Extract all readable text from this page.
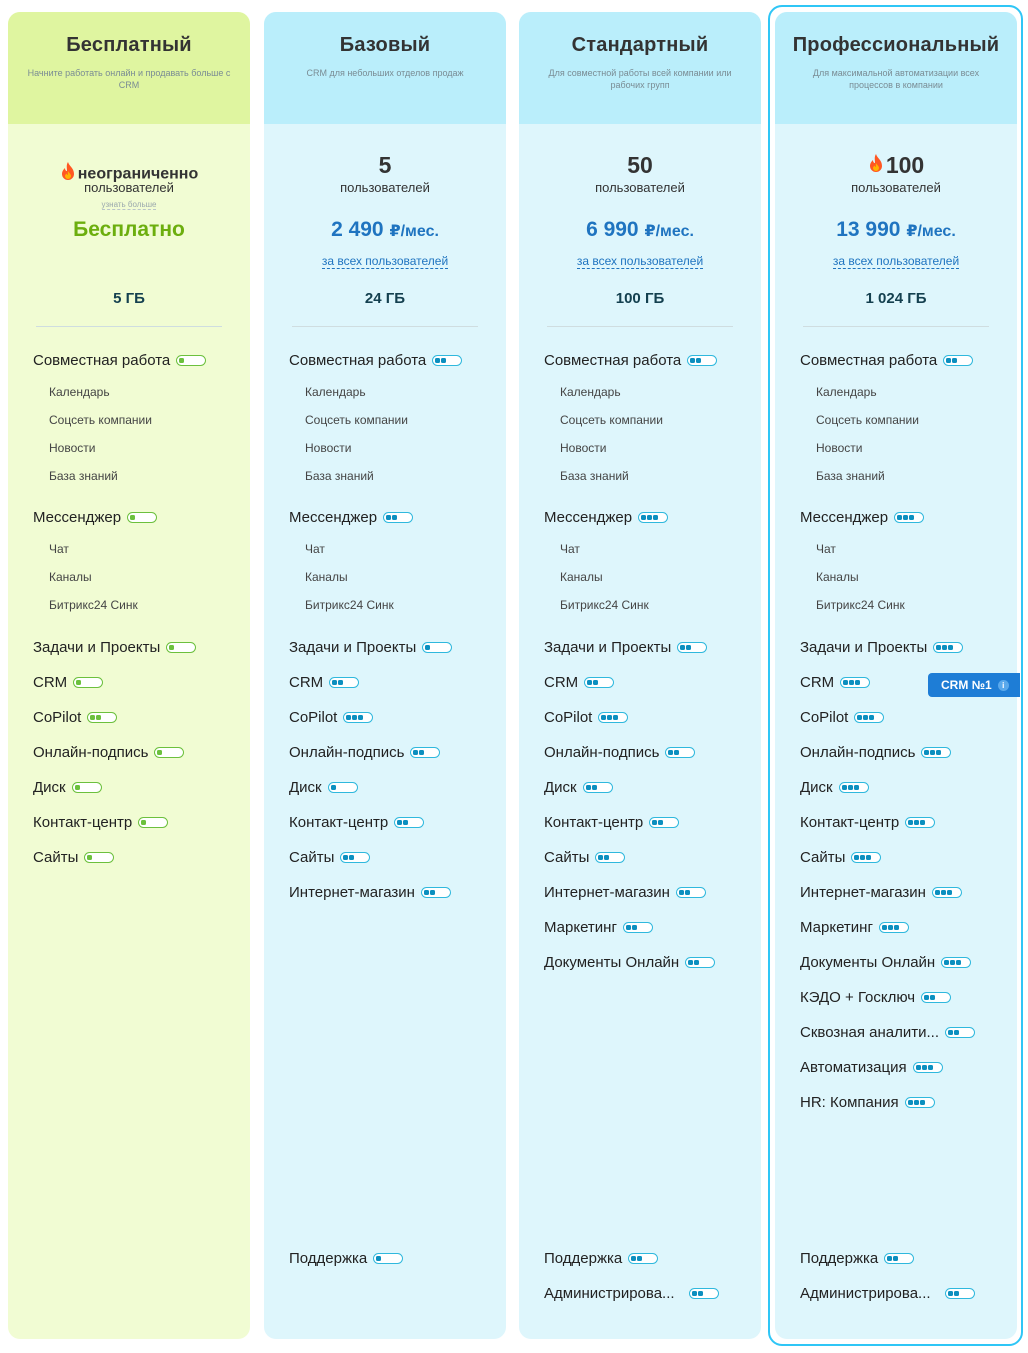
Бесплатный

Начните работать онлайн и продавать больше с CRM

неограниченно
пользователей
узнать больше
Бесплатно
5 ГБ
Базовый

CRM для небольших отделов продаж

5
пользователей
2 490 ₽/мес.
за всех пользователей
24 ГБ
Стандартный

Для совместной работы всей компании или рабочих групп

50
пользователей
6 990 ₽/мес.
за всех пользователей
100 ГБ
Профессиональный

Для максимальной автоматизации всех процессов в компании

100
пользователей
13 990 ₽/мес.
за всех пользователей
1 024 ГБ
Совместная работа
Мессенджер
Задачи и Проекты
CRM
CoPilot
Онлайн-подпись
Диск
Контакт-центр
Сайты
Календарь
Соцсеть компании
Новости
База знаний
Чат
Каналы
Битрикс24 Синк
Совместная работа
Мессенджер
Задачи и Проекты
CRM
CoPilot
Онлайн-подпись
Диск
Контакт-центр
Сайты
Интернет-магазин
Календарь
Соцсеть компании
Новости
База знаний
Чат
Каналы
Битрикс24 Синк
Поддержка
Совместная работа
Мессенджер
Задачи и Проекты
CRM
CoPilot
Онлайн-подпись
Диск
Контакт-центр
Сайты
Интернет-магазин
Маркетинг
Документы Онлайн
Календарь
Соцсеть компании
Новости
База знаний
Чат
Каналы
Битрикс24 Синк
Поддержка
Администрирова...
Совместная работа
Мессенджер
Задачи и Проекты
CRM
CoPilot
Онлайн-подпись
Диск
Контакт-центр
Сайты
Интернет-магазин
Маркетинг
Документы Онлайн
КЭДО + Госключ
Сквозная аналити...
Автоматизация
HR: Компания
Календарь
Соцсеть компании
Новости
База знаний
Чат
Каналы
Битрикс24 Синк
Поддержка
Администрирова...
CRM №1	i
